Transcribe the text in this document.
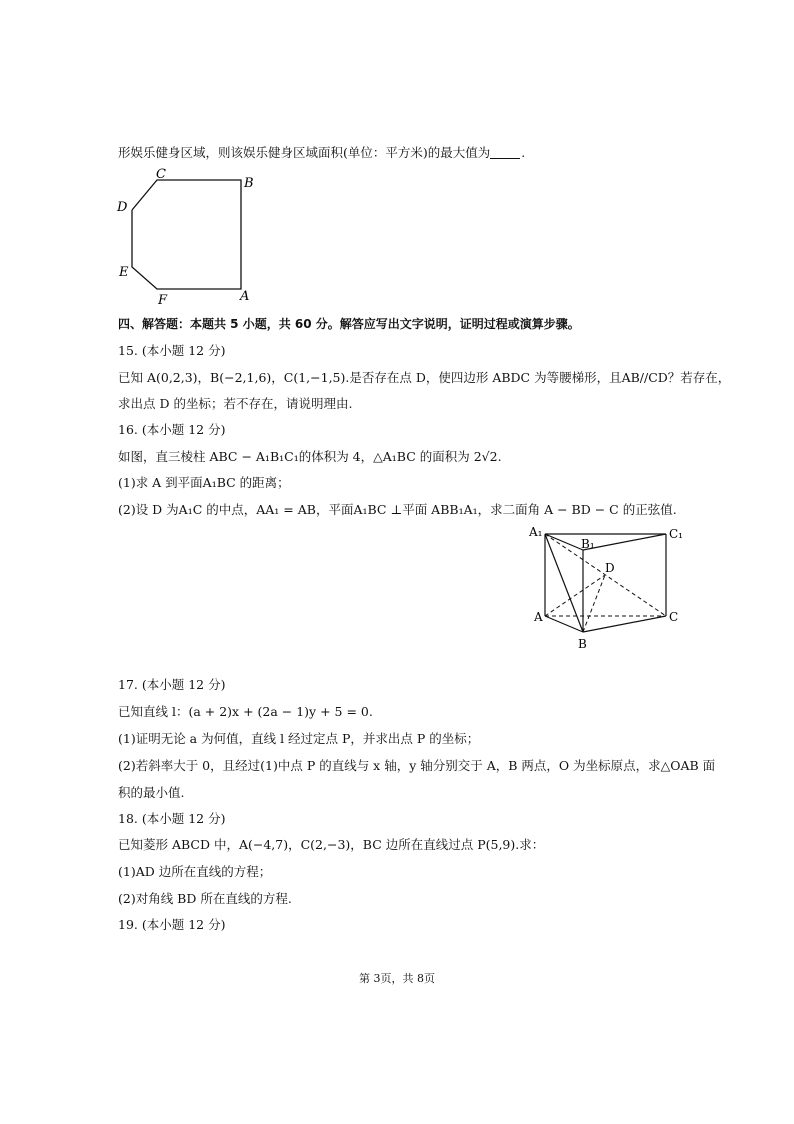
形娱乐健身区域，则该娱乐健身区域面积(单位：平方米)的最大值为 .
C
B
D
E
F	A
四、解答题：本题共 5 小题，共 60 分。解答应写出文字说明，证明过程或演算步骤。
15. (本小题 12 分)
已知 A(0,2,3)，B(−2,1,6)，C(1,−1,5).是否存在点 D，使四边形 ABDC 为等腰梯形，且AB//CD？若存在，
求出点 D 的坐标；若不存在，请说明理由.
16. (本小题 12 分)
如图，直三棱柱 ABC − A₁B₁C₁的体积为 4，△A₁BC 的面积为 2√2.
(1)求 A 到平面A₁BC 的距离；
(2)设 D 为A₁C 的中点，AA₁ = AB，平面A₁BC ⊥平面 ABB₁A₁，求二面角 A − BD − C 的正弦值.
A₁
B₁
C₁
D
A	C
B
17. (本小题 12 分)
已知直线 l：(a + 2)x + (2a − 1)y + 5 = 0.
(1)证明无论 a 为何值，直线 l 经过定点 P，并求出点 P 的坐标；
(2)若斜率大于 0，且经过(1)中点 P 的直线与 x 轴，y 轴分别交于 A，B 两点，O 为坐标原点，求△OAB 面
积的最小值.
18. (本小题 12 分)
已知菱形 ABCD 中，A(−4,7)，C(2,−3)，BC 边所在直线过点 P(5,9).求：
(1)AD 边所在直线的方程；
(2)对角线 BD 所在直线的方程.
19. (本小题 12 分)
第 3页，共 8页
